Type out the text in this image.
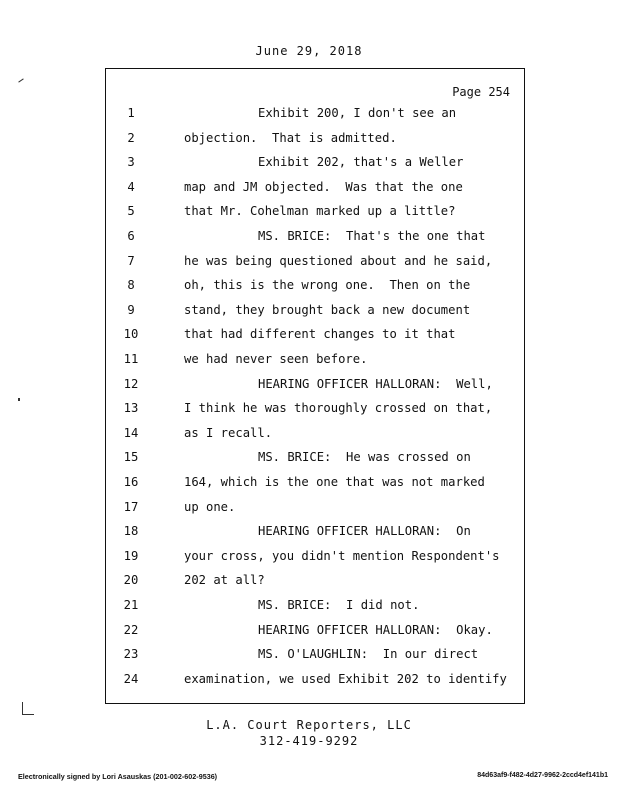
June 29, 2018
Page 254
1	Exhibit 200, I don't see an
2	objection.  That is admitted.
3	Exhibit 202, that's a Weller
4	map and JM objected.  Was that the one
5	that Mr. Cohelman marked up a little?
6	MS. BRICE:  That's the one that
7	he was being questioned about and he said,
8	oh, this is the wrong one.  Then on the
9	stand, they brought back a new document
10	that had different changes to it that
11	we had never seen before.
12	HEARING OFFICER HALLORAN:  Well,
13	I think he was thoroughly crossed on that,
14	as I recall.
15	MS. BRICE:  He was crossed on
16	164, which is the one that was not marked
17	up one.
18	HEARING OFFICER HALLORAN:  On
19	your cross, you didn't mention Respondent's
20	202 at all?
21	MS. BRICE:  I did not.
22	HEARING OFFICER HALLORAN:  Okay.
23	MS. O'LAUGHLIN:  In our direct
24	examination, we used Exhibit 202 to identify
L.A. Court Reporters, LLC
312-419-9292
Electronically signed by Lori Asauskas (201-002-602-9536)	84d63af9-f482-4d27-9962-2ccd4ef141b1
